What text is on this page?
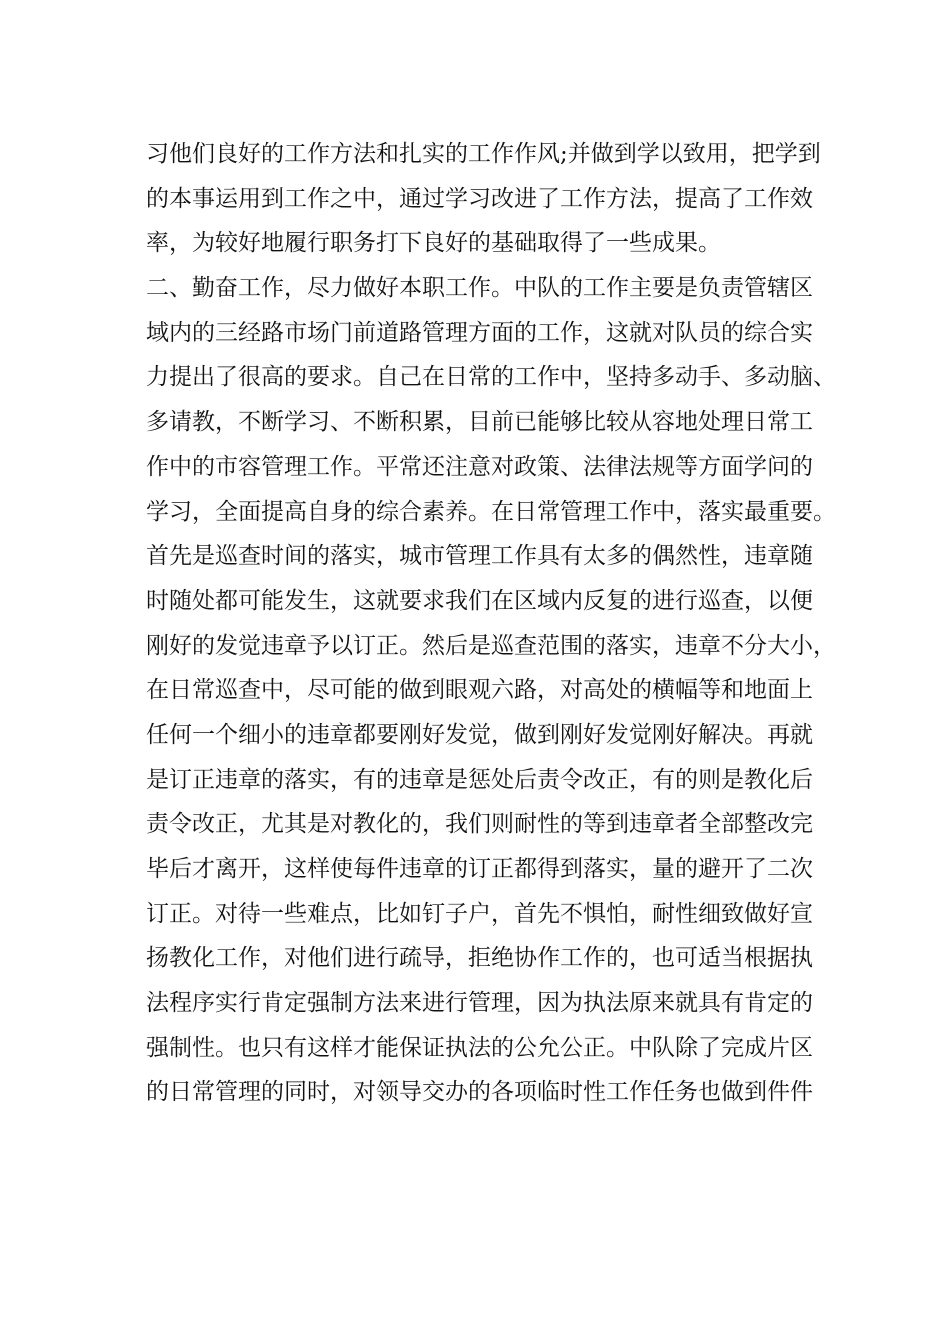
习他们良好的工作方法和扎实的工作作风;并做到学以致用，把学到
的本事运用到工作之中，通过学习改进了工作方法，提高了工作效
率，为较好地履行职务打下良好的基础取得了一些成果。
二、勤奋工作，尽力做好本职工作。中队的工作主要是负责管辖区
域内的三经路市场门前道路管理方面的工作，这就对队员的综合实
力提出了很高的要求。自己在日常的工作中，坚持多动手、多动脑、
多请教，不断学习、不断积累，目前已能够比较从容地处理日常工
作中的市容管理工作。平常还注意对政策、法律法规等方面学问的
学习，全面提高自身的综合素养。在日常管理工作中，落实最重要。
首先是巡查时间的落实，城市管理工作具有太多的偶然性，违章随
时随处都可能发生，这就要求我们在区域内反复的进行巡查，以便
刚好的发觉违章予以订正。然后是巡查范围的落实，违章不分大小，
在日常巡查中，尽可能的做到眼观六路，对高处的横幅等和地面上
任何一个细小的违章都要刚好发觉，做到刚好发觉刚好解决。再就
是订正违章的落实，有的违章是惩处后责令改正，有的则是教化后
责令改正，尤其是对教化的，我们则耐性的等到违章者全部整改完
毕后才离开，这样使每件违章的订正都得到落实，量的避开了二次
订正。对待一些难点，比如钉子户，首先不惧怕，耐性细致做好宣
扬教化工作，对他们进行疏导，拒绝协作工作的，也可适当根据执
法程序实行肯定强制方法来进行管理，因为执法原来就具有肯定的
强制性。也只有这样才能保证执法的公允公正。中队除了完成片区
的日常管理的同时，对领导交办的各项临时性工作任务也做到件件
